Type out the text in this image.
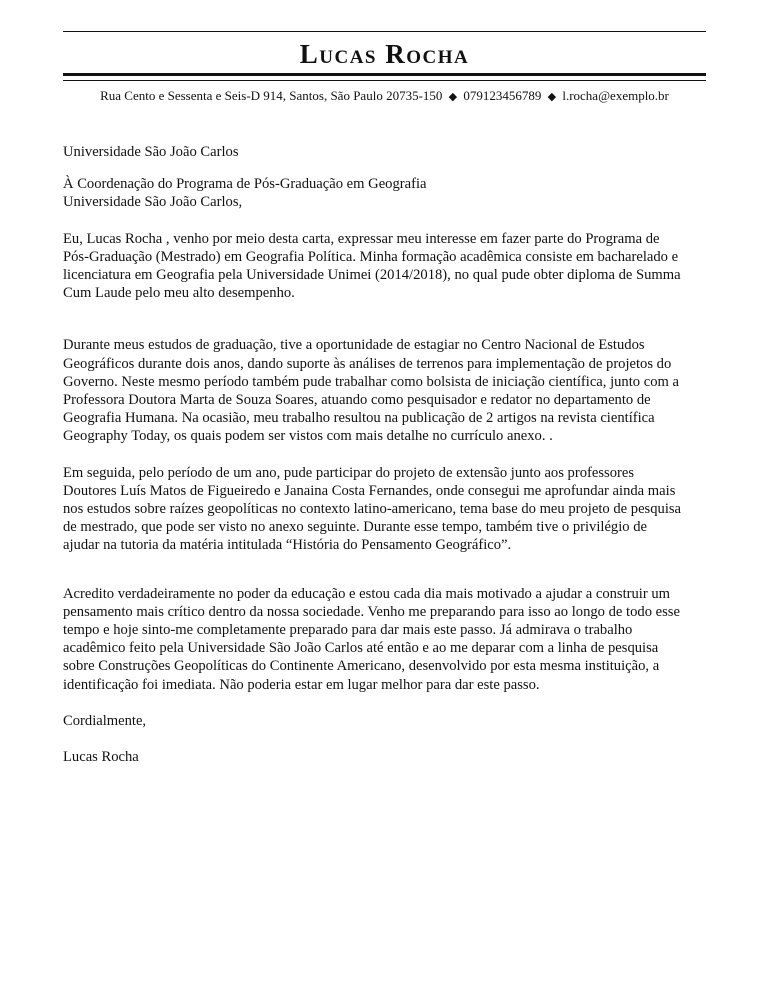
Lucas Rocha
Rua Cento e Sessenta e Seis-D 914, Santos, São Paulo 20735-150 ◆ 079123456789 ◆ l.rocha@exemplo.br

Universidade São João Carlos

À Coordenação do Programa de Pós-Graduação em Geografia

Universidade São João Carlos,

Eu, Lucas Rocha , venho por meio desta carta, expressar meu interesse em fazer parte do Programa de Pós-Graduação (Mestrado) em Geografia Política. Minha formação acadêmica consiste em bacharelado e licenciatura em Geografia pela Universidade Unimei (2014/2018), no qual pude obter diploma de Summa Cum Laude pelo meu alto desempenho.

Durante meus estudos de graduação, tive a oportunidade de estagiar no Centro Nacional de Estudos Geográficos durante dois anos, dando suporte às análises de terrenos para implementação de projetos do Governo. Neste mesmo período também pude trabalhar como bolsista de iniciação científica, junto com a Professora Doutora Marta de Souza Soares, atuando como pesquisador e redator no departamento de Geografia Humana. Na ocasião, meu trabalho resultou na publicação de 2 artigos na revista científica Geography Today, os quais podem ser vistos com mais detalhe no currículo anexo. .

Em seguida, pelo período de um ano, pude participar do projeto de extensão junto aos professores Doutores Luís Matos de Figueiredo e Janaina Costa Fernandes, onde consegui me aprofundar ainda mais nos estudos sobre raízes geopolíticas no contexto latino-americano, tema base do meu projeto de pesquisa de mestrado, que pode ser visto no anexo seguinte. Durante esse tempo, também tive o privilégio de ajudar na tutoria da matéria intitulada “História do Pensamento Geográfico”.

Acredito verdadeiramente no poder da educação e estou cada dia mais motivado a ajudar a construir um pensamento mais crítico dentro da nossa sociedade. Venho me preparando para isso ao longo de todo esse tempo e hoje sinto-me completamente preparado para dar mais este passo. Já admirava o trabalho acadêmico feito pela Universidade São João Carlos até então e ao me deparar com a linha de pesquisa sobre Construções Geopolíticas do Continente Americano, desenvolvido por esta mesma instituição, a identificação foi imediata. Não poderia estar em lugar melhor para dar este passo.

Cordialmente,

Lucas Rocha
